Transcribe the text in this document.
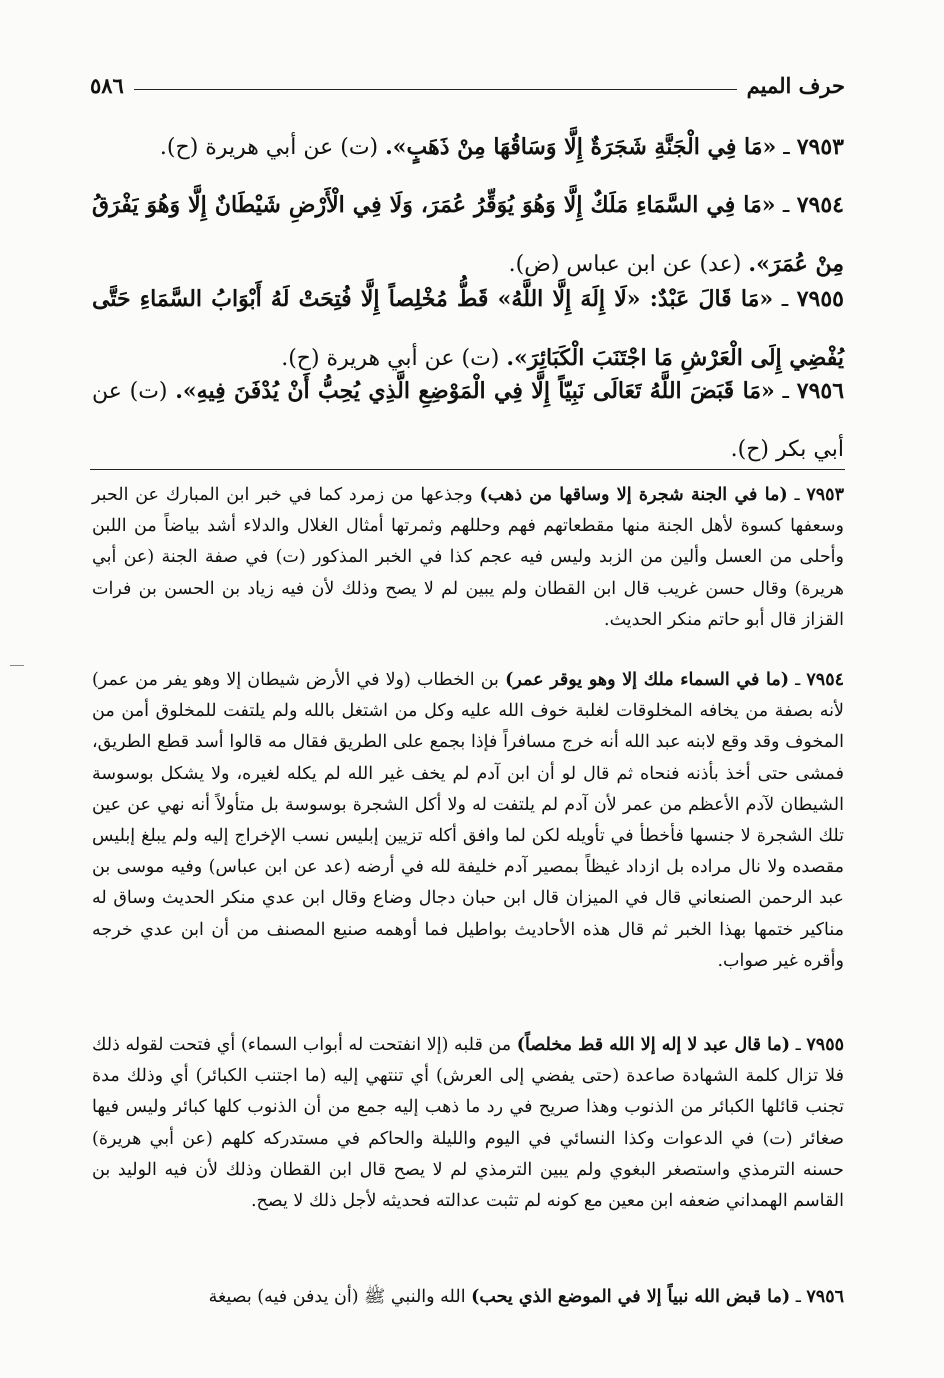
حرف الميم
٥٨٦
٧٩٥٣ ـ «مَا فِي الْجَنَّةِ شَجَرَةٌ إِلَّا وَسَاقُهَا مِنْ ذَهَبٍ». (ت) عن أبي هريرة (ح).
٧٩٥٤ ـ «مَا فِي السَّمَاءِ مَلَكٌ إِلَّا وَهُوَ يُوَقِّرُ عُمَرَ، وَلَا فِي الْأَرْضِ شَيْطَانٌ إِلَّا وَهُوَ يَفْرَقُ مِنْ عُمَرَ». (عد) عن ابن عباس (ض).
٧٩٥٥ ـ «مَا قَالَ عَبْدٌ: «لَا إِلَهَ إِلَّا اللَّهُ» قَطُّ مُخْلِصاً إِلَّا فُتِحَتْ لَهُ أَبْوَابُ السَّمَاءِ حَتَّى يُفْضِي إِلَى الْعَرْشِ مَا اجْتَنَبَ الْكَبَائِرَ». (ت) عن أبي هريرة (ح).
٧٩٥٦ ـ «مَا قَبَضَ اللَّهُ تَعَالَى نَبِيّاً إِلَّا فِي الْمَوْضِعِ الَّذِي يُحِبُّ أَنْ يُدْفَنَ فِيهِ». (ت) عن أبي بكر (ح).
٧٩٥٣ ـ (ما في الجنة شجرة إلا وساقها من ذهب) وجذعها من زمرد كما في خبر ابن المبارك عن الحبر وسعفها كسوة لأهل الجنة منها مقطعاتهم فهم وحللهم وثمرتها أمثال الغلال والدلاء أشد بياضاً من اللبن وأحلى من العسل وألين من الزبد وليس فيه عجم كذا في الخبر المذكور (ت) في صفة الجنة (عن أبي هريرة) وقال حسن غريب قال ابن القطان ولم يبين لم لا يصح وذلك لأن فيه زياد بن الحسن بن فرات القزاز قال أبو حاتم منكر الحديث.
٧٩٥٤ ـ (ما في السماء ملك إلا وهو يوقر عمر) بن الخطاب (ولا في الأرض شيطان إلا وهو يفر من عمر) لأنه بصفة من يخافه المخلوقات لغلبة خوف الله عليه وكل من اشتغل بالله ولم يلتفت للمخلوق أمن من المخوف وقد وقع لابنه عبد الله أنه خرج مسافراً فإذا بجمع على الطريق فقال مه قالوا أسد قطع الطريق، فمشى حتى أخذ بأذنه فنحاه ثم قال لو أن ابن آدم لم يخف غير الله لم يكله لغيره، ولا يشكل بوسوسة الشيطان لآدم الأعظم من عمر لأن آدم لم يلتفت له ولا أكل الشجرة بوسوسة بل متأولاً أنه نهي عن عين تلك الشجرة لا جنسها فأخطأ في تأويله لكن لما وافق أكله تزيين إبليس نسب الإخراج إليه ولم يبلغ إبليس مقصده ولا نال مراده بل ازداد غيظاً بمصير آدم خليفة لله في أرضه (عد عن ابن عباس) وفيه موسى بن عبد الرحمن الصنعاني قال في الميزان قال ابن حبان دجال وضاع وقال ابن عدي منكر الحديث وساق له مناكير ختمها بهذا الخبر ثم قال هذه الأحاديث بواطيل فما أوهمه صنيع المصنف من أن ابن عدي خرجه وأقره غير صواب.
٧٩٥٥ ـ (ما قال عبد لا إله إلا الله قط مخلصاً) من قلبه (إلا انفتحت له أبواب السماء) أي فتحت لقوله ذلك فلا تزال كلمة الشهادة صاعدة (حتى يفضي إلى العرش) أي تنتهي إليه (ما اجتنب الكبائر) أي وذلك مدة تجنب قائلها الكبائر من الذنوب وهذا صريح في رد ما ذهب إليه جمع من أن الذنوب كلها كبائر وليس فيها صغائر (ت) في الدعوات وكذا النسائي في اليوم والليلة والحاكم في مستدركه كلهم (عن أبي هريرة) حسنه الترمذي واستصغر البغوي ولم يبين الترمذي لم لا يصح قال ابن القطان وذلك لأن فيه الوليد بن القاسم الهمداني ضعفه ابن معين مع كونه لم تثبت عدالته فحديثه لأجل ذلك لا يصح.
٧٩٥٦ ـ (ما قبض الله نبياً إلا في الموضع الذي يحب) الله والنبي ﷺ (أن يدفن فيه) بصيغة
